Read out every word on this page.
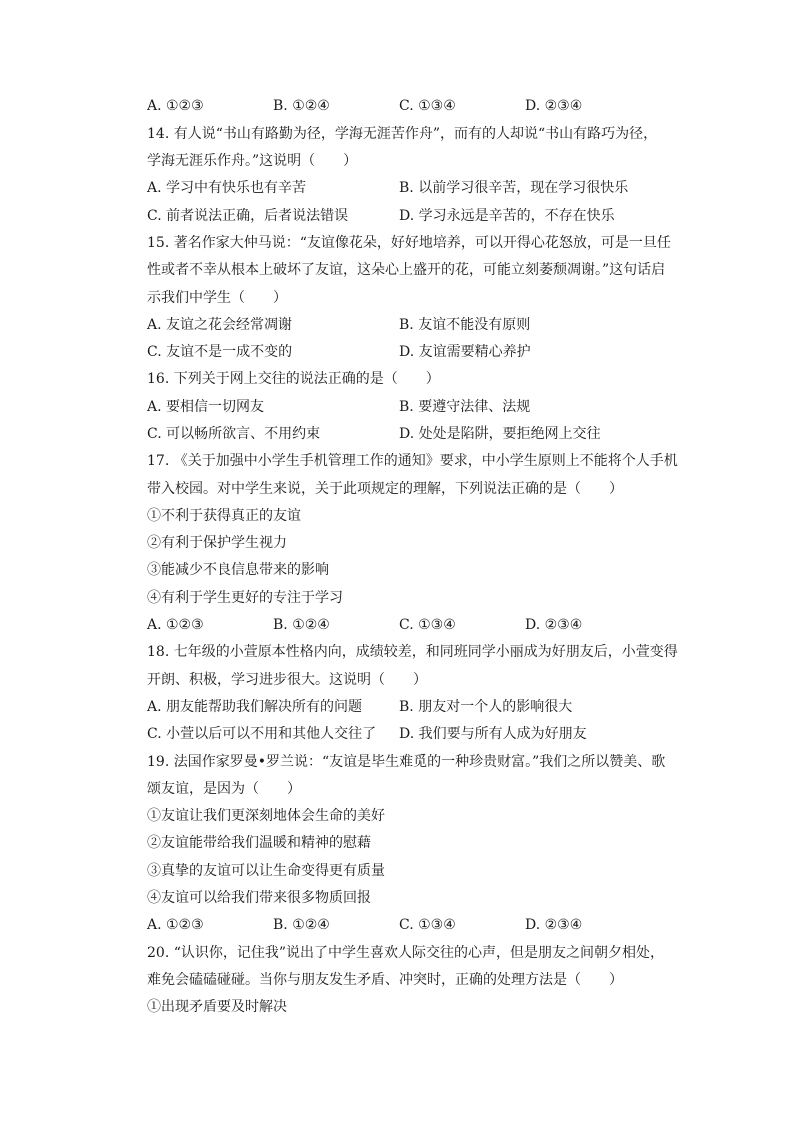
A. ①②③	B. ①②④	C. ①③④	D. ②③④
14. 有人说“书山有路勤为径，学海无涯苦作舟”，而有的人却说“书山有路巧为径，
学海无涯乐作舟。”这说明（　　）
A. 学习中有快乐也有辛苦	B. 以前学习很辛苦，现在学习很快乐
C. 前者说法正确，后者说法错误	D. 学习永远是辛苦的，不存在快乐
15. 著名作家大仲马说：“友谊像花朵，好好地培养，可以开得心花怒放，可是一旦任
性或者不幸从根本上破坏了友谊，这朵心上盛开的花，可能立刻萎颓凋谢。”这句话启
示我们中学生（　　）
A. 友谊之花会经常凋谢	B. 友谊不能没有原则
C. 友谊不是一成不变的	D. 友谊需要精心养护
16. 下列关于网上交往的说法正确的是（　　）
A. 要相信一切网友	B. 要遵守法律、法规
C. 可以畅所欲言、不用约束	D. 处处是陷阱，要拒绝网上交往
17. 《关于加强中小学生手机管理工作的通知》要求，中小学生原则上不能将个人手机
带入校园。对中学生来说，关于此项规定的理解，下列说法正确的是（　　）
①不利于获得真正的友谊
②有利于保护学生视力
③能减少不良信息带来的影响
④有利于学生更好的专注于学习
A. ①②③	B. ①②④	C. ①③④	D. ②③④
18. 七年级的小萱原本性格内向，成绩较差，和同班同学小丽成为好朋友后，小萱变得
开朗、积极，学习进步很大。这说明（　　）
A. 朋友能帮助我们解决所有的问题	B. 朋友对一个人的影响很大
C. 小萱以后可以不用和其他人交往了 D. 我们要与所有人成为好朋友
19. 法国作家罗曼•罗兰说：“友谊是毕生难觅的一种珍贵财富。”我们之所以赞美、歌
颂友谊，是因为（　　）
①友谊让我们更深刻地体会生命的美好
②友谊能带给我们温暖和精神的慰藉
③真挚的友谊可以让生命变得更有质量
④友谊可以给我们带来很多物质回报
A. ①②③	B. ①②④	C. ①③④	D. ②③④
20. “认识你，记住我”说出了中学生喜欢人际交往的心声，但是朋友之间朝夕相处，
难免会磕磕碰碰。当你与朋友发生矛盾、冲突时，正确的处理方法是（　　）
①出现矛盾要及时解决
